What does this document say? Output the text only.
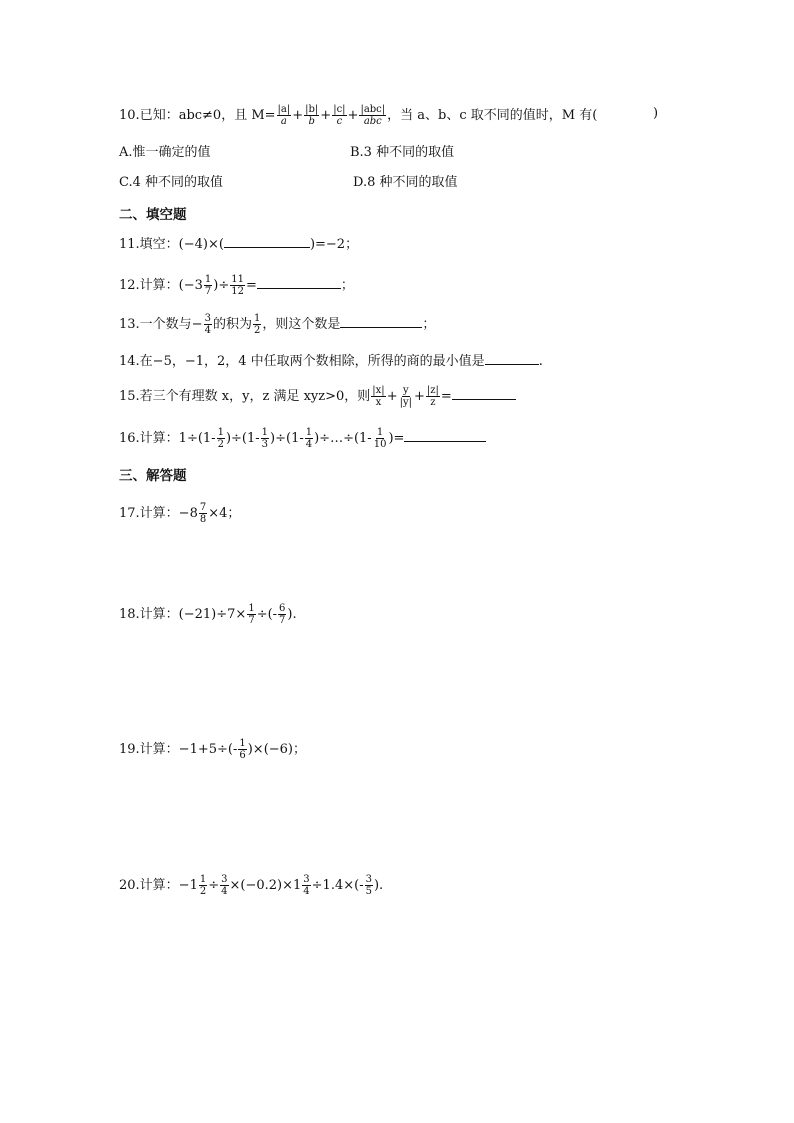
10.已知：abc≠0，且 $M= \frac{|a|}{a} + \frac{|b|}{b} + \frac{|c|}{c} + \frac{\text{|abc|}}{\text{abc}}$ ，当 a、b、c 取不同的值时，M 有(	)
A.惟一确定的值	B.3 种不同的取值
C.4 种不同的取值	D.8 种不同的取值
二、填空题
11.填空：(−4)×(	)=−2；
12.计算：($-3 \frac{1}{7}$ )÷ $\frac{11}{12}$ =	；
13.一个数与− $\frac{3}{4}$ 的积为 $\frac{1}{2}$ ，则这个数是	；
14.在−5，−1，2，4 中任取两个数相除，所得的商的最小值是	.
15.若三个有理数 x，y，z 满足 xyz>0，则 $\frac{|x|}{x} + \frac{y}{|y|} + \frac{|z|}{z}$ =
16.计算：$1\div(1- \frac{1}{2} )\div(1- \frac{1}{3} )\div(1- \frac{1}{4}$ )÷…÷(1- $\frac{1}{10}$ )=
三、解答题
17.计算：$-8 \frac{7}{8} \times 4$；
18.计算：$(-21)\div 7\times \frac{1}{7}$ ÷(- $\frac{6}{7}$ ).
19.计算：$-1+5\div(- \frac{1}{6} )\times(-6)$；
20.计算：$-1 \frac{1}{2} \div \frac{3}{4} \times(-0.2)\times 1 \frac{3}{4} \div 1.4\times(- \frac{3}{5}$ ).
